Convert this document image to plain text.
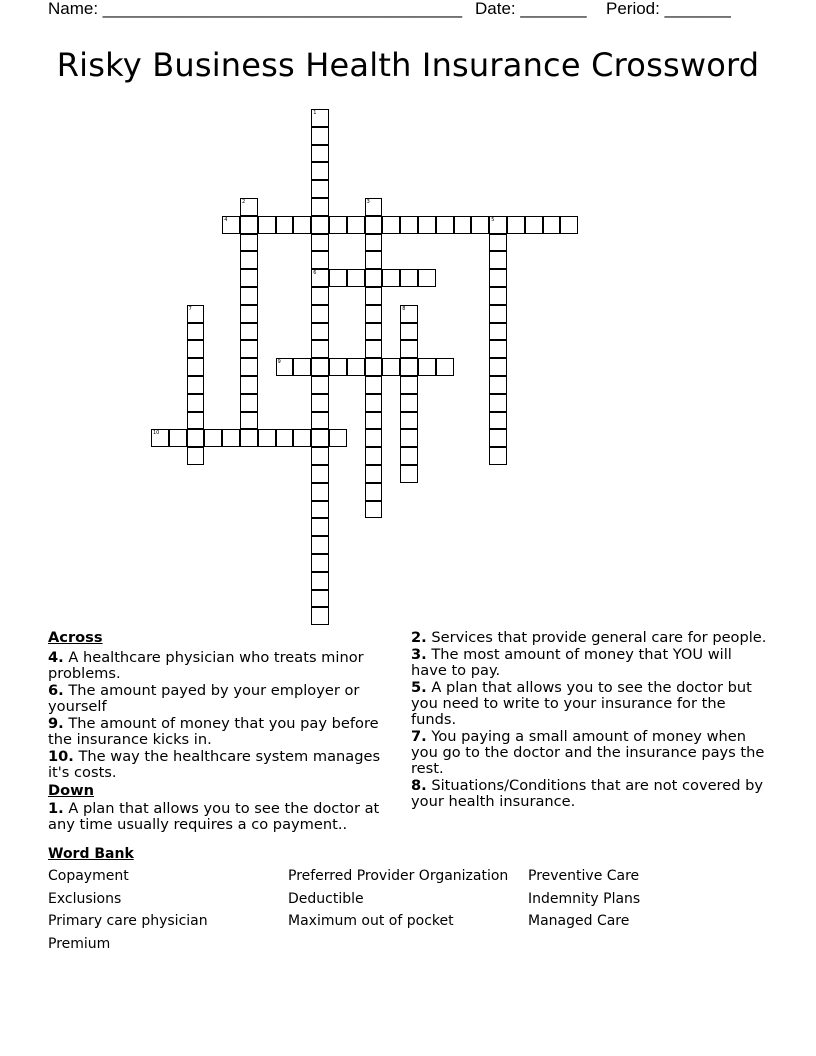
Name: ______________________________________ Date: _______ Period: _______
Risky Business Health Insurance Crossword
1
6
2	3
4	5
7	8
9
10
Across
4. A healthcare physician who treats minor problems.
6. The amount payed by your employer or yourself
9. The amount of money that you pay before the insurance kicks in.
10. The way the healthcare system manages it's costs.
Down
1. A plan that allows you to see the doctor at any time usually requires a co payment..
2. Services that provide general care for people.
3. The most amount of money that YOU will have to pay.
5. A plan that allows you to see the doctor but you need to write to your insurance for the funds.
7. You paying a small amount of money when you go to the doctor and the insurance pays the rest.
8. Situations/Conditions that are not covered by your health insurance.
Word Bank
Copayment
Exclusions
Primary care physician
Premium
Preferred Provider Organization
Deductible
Maximum out of pocket
Preventive Care
Indemnity Plans
Managed Care
